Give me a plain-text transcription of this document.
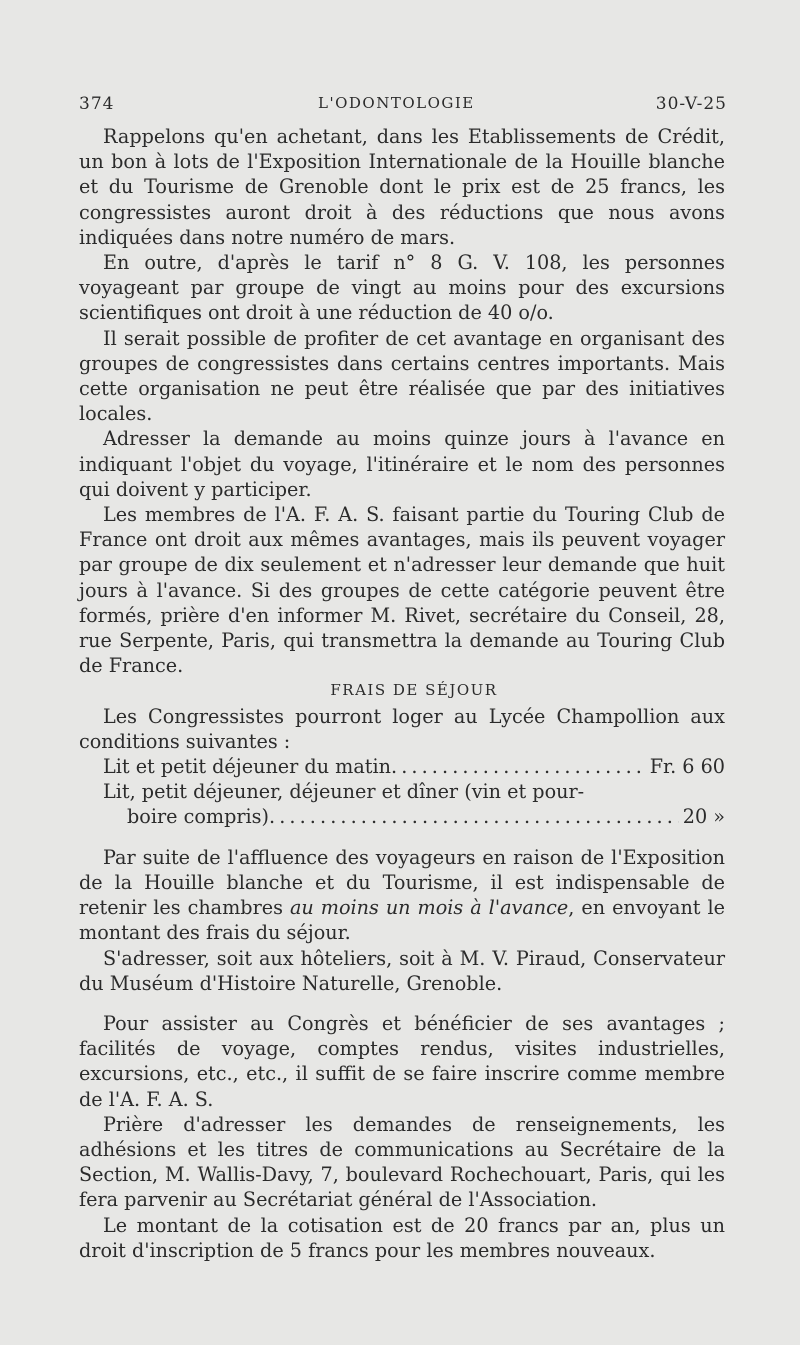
374	L'ODONTOLOGIE	30-V-25

Rappelons qu'en achetant, dans les Etablissements de Crédit, un bon à lots de l'Exposition Internationale de la Houille blanche et du Tourisme de Grenoble dont le prix est de 25 francs, les congressistes auront droit à des réductions que nous avons indiquées dans notre numéro de mars.

En outre, d'après le tarif n° 8 G. V. 108, les personnes voyageant par groupe de vingt au moins pour des excursions scientifiques ont droit à une réduction de 40 o/o.

Il serait possible de profiter de cet avantage en organisant des groupes de congressistes dans certains centres importants. Mais cette organisation ne peut être réalisée que par des initiatives locales.

Adresser la demande au moins quinze jours à l'avance en indiquant l'objet du voyage, l'itinéraire et le nom des personnes qui doivent y participer.

Les membres de l'A. F. A. S. faisant partie du Touring Club de France ont droit aux mêmes avantages, mais ils peuvent voyager par groupe de dix seulement et n'adresser leur demande que huit jours à l'avance. Si des groupes de cette catégorie peuvent être formés, prière d'en informer M. Rivet, secrétaire du Conseil, 28, rue Serpente, Paris, qui transmettra la demande au Touring Club de France.

FRAIS DE SÉJOUR

Les Congressistes pourront loger au Lycée Champollion aux conditions suivantes :

Lit et petit déjeuner du matin . . .	Fr. 6 60
Lit, petit déjeuner, déjeuner et dîner (vin et pour-
boire compris) . . .	20 »

Par suite de l'affluence des voyageurs en raison de l'Exposition de la Houille blanche et du Tourisme, il est indispensable de retenir les chambres au moins un mois à l'avance, en envoyant le montant des frais du séjour.

S'adresser, soit aux hôteliers, soit à M. V. Piraud, Conservateur du Muséum d'Histoire Naturelle, Grenoble.

Pour assister au Congrès et bénéficier de ses avantages ; facilités de voyage, comptes rendus, visites industrielles, excursions, etc., etc., il suffit de se faire inscrire comme membre de l'A. F. A. S.

Prière d'adresser les demandes de renseignements, les adhésions et les titres de communications au Secrétaire de la Section, M. Wallis-Davy, 7, boulevard Rochechouart, Paris, qui les fera parvenir au Secrétariat général de l'Association.

Le montant de la cotisation est de 20 francs par an, plus un droit d'inscription de 5 francs pour les membres nouveaux.
